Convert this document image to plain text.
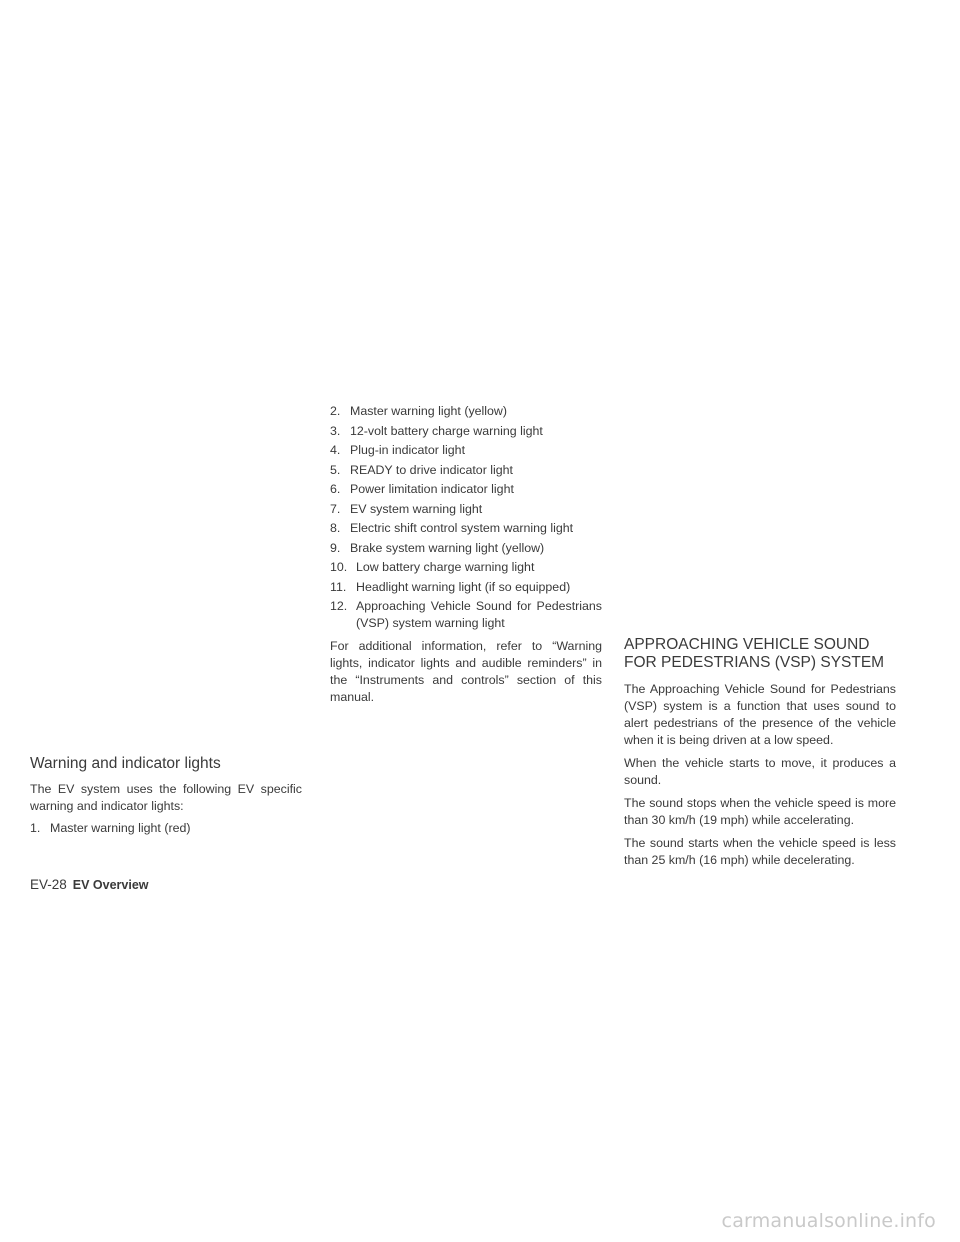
Warning and indicator lights

The EV system uses the following EV specific warning and indicator lights:

1. Master warning light (red)
2. Master warning light (yellow)
3. 12-volt battery charge warning light
4. Plug-in indicator light
5. READY to drive indicator light
6. Power limitation indicator light
7. EV system warning light
8. Electric shift control system warning light
9. Brake system warning light (yellow)
10. Low battery charge warning light
11. Headlight warning light (if so equipped)
12. Approaching Vehicle Sound for Pedestrians (VSP) system warning light

For additional information, refer to “Warning lights, indicator lights and audible reminders” in the “Instruments and controls” section of this manual.

APPROACHING VEHICLE SOUND FOR PEDESTRIANS (VSP) SYSTEM

The Approaching Vehicle Sound for Pedestrians (VSP) system is a function that uses sound to alert pedestrians of the presence of the vehicle when it is being driven at a low speed.

When the vehicle starts to move, it produces a sound.

The sound stops when the vehicle speed is more than 30 km/h (19 mph) while accelerating.

The sound starts when the vehicle speed is less than 25 km/h (16 mph) while decelerating.

EV-28 EV Overview
carmanualsonline.info
